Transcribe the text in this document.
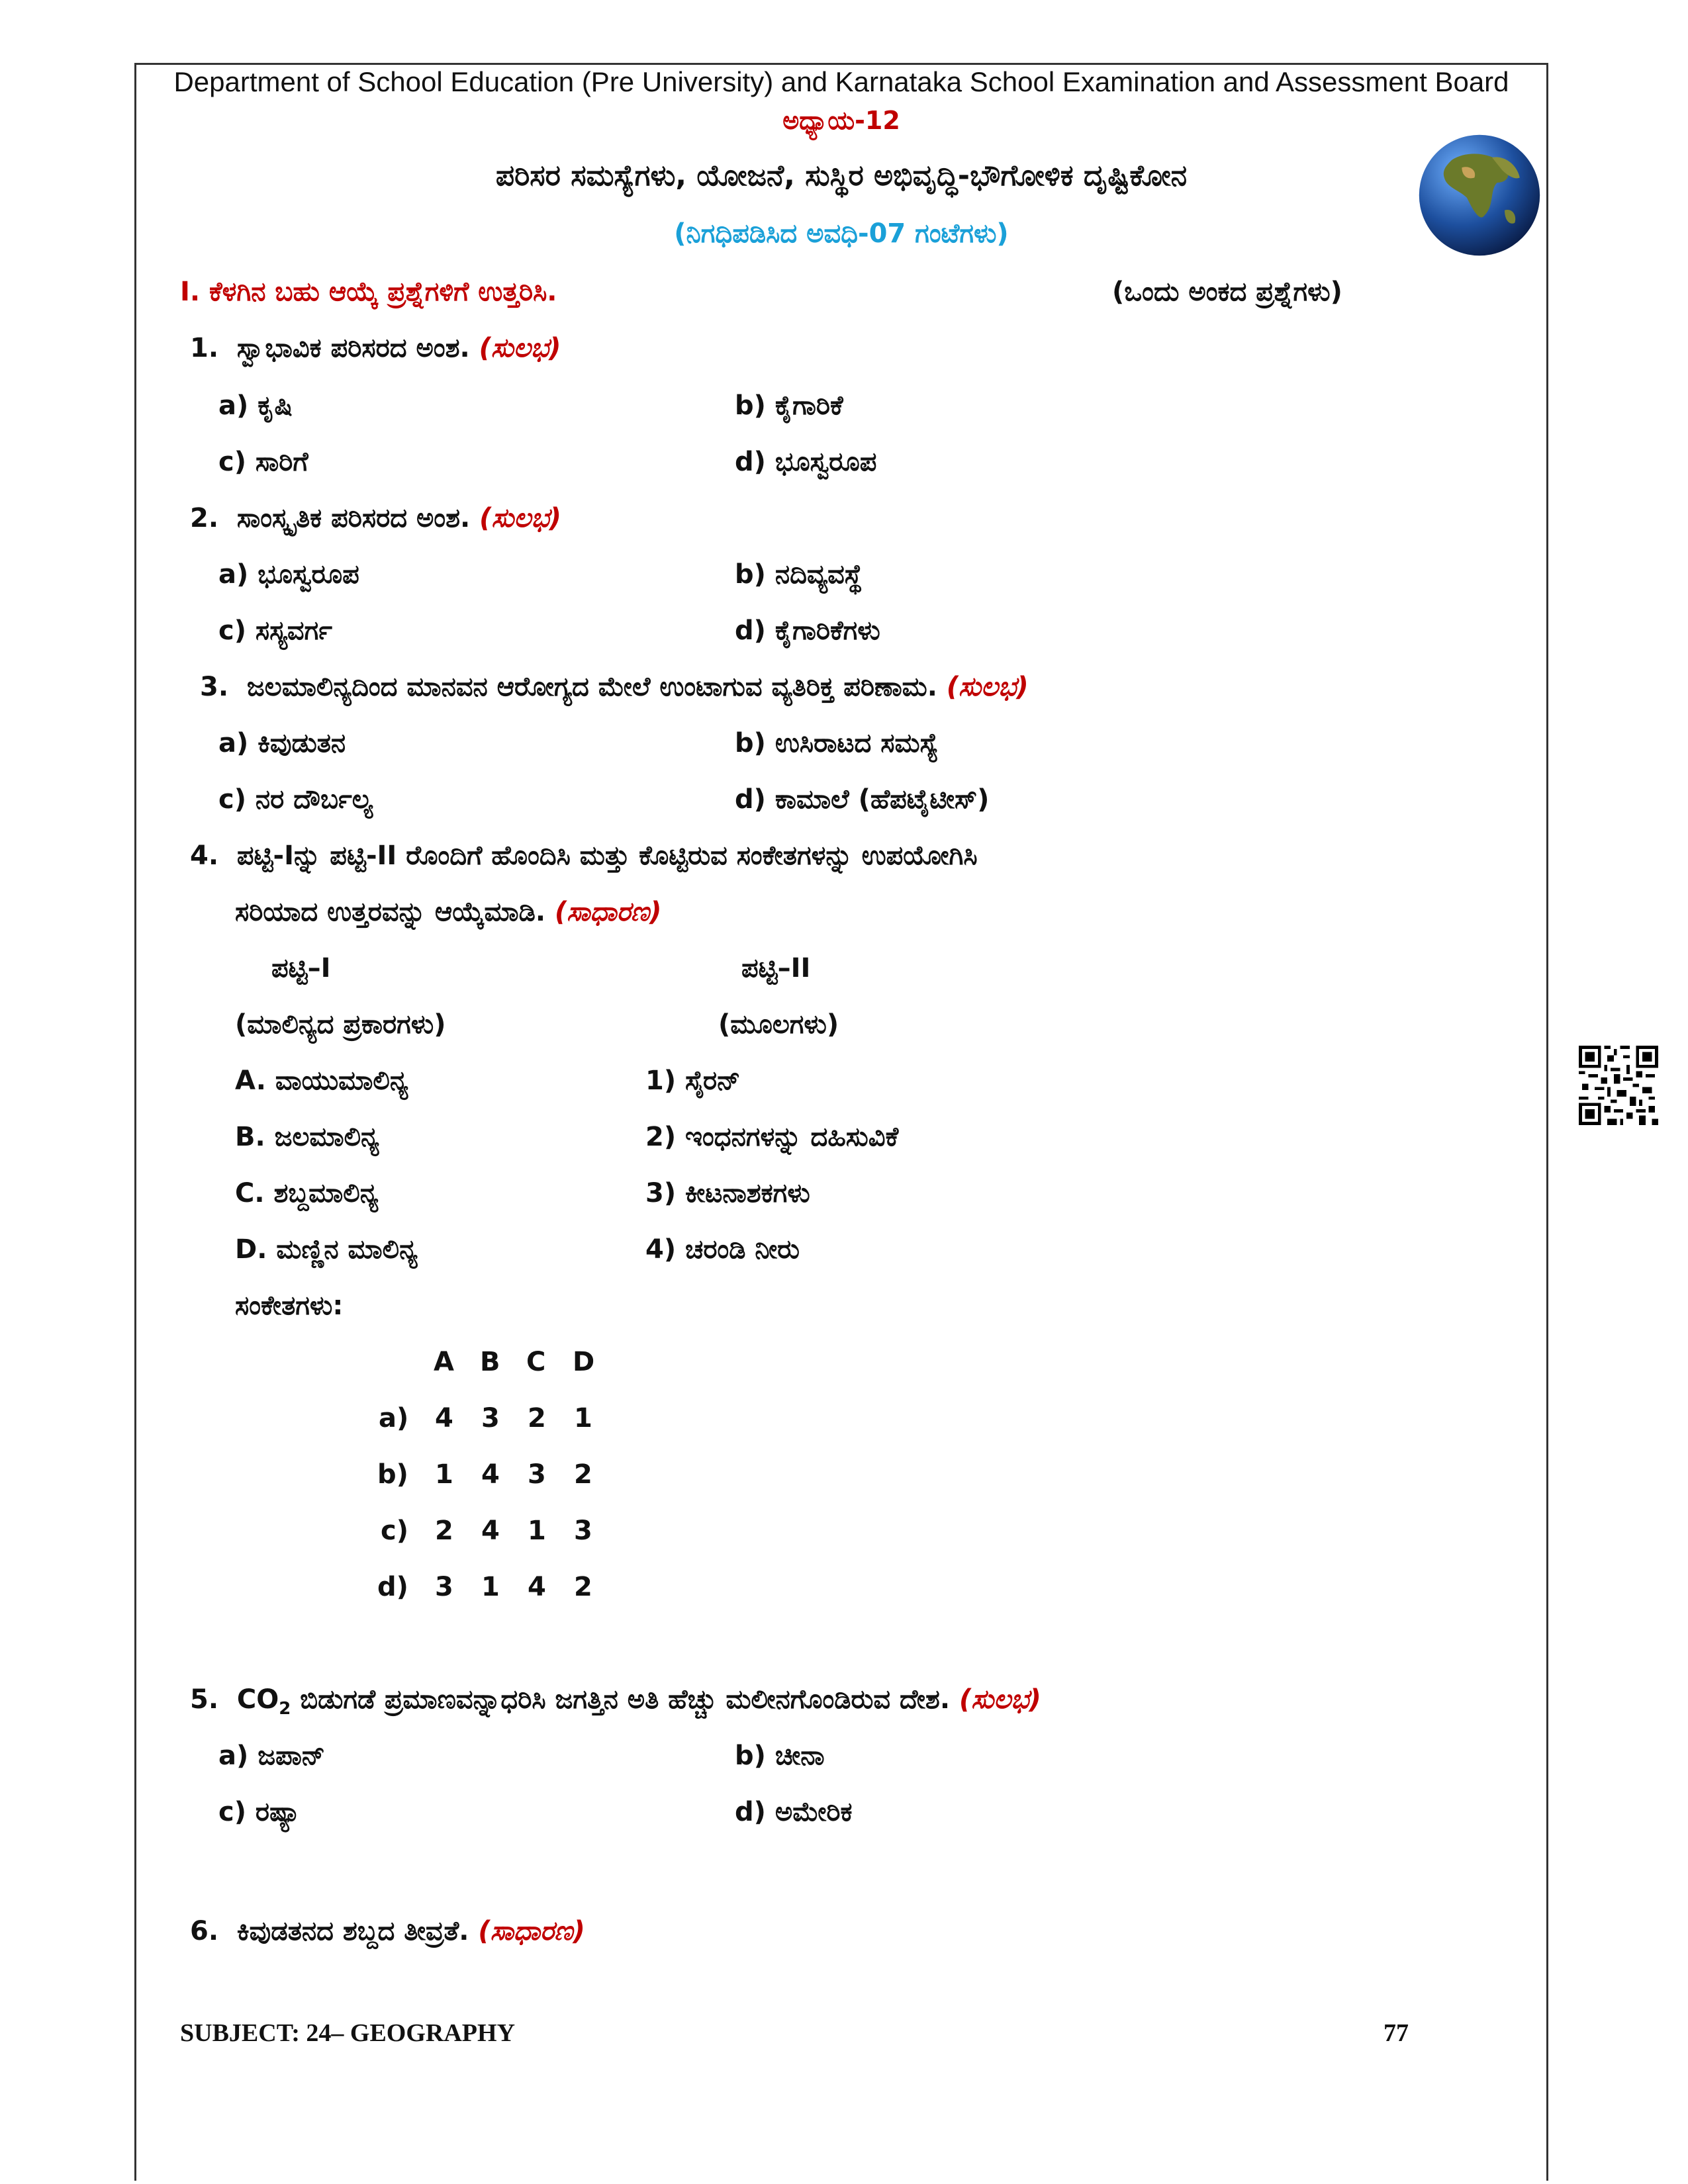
Department of School Education (Pre University) and Karnataka School Examination and Assessment Board
ಅಧ್ಯಾಯ-12
ಪರಿಸರ ಸಮಸ್ಯೆಗಳು, ಯೋಜನೆ, ಸುಸ್ಥಿರ ಅಭಿವೃದ್ಧಿ-ಭೌಗೋಳಿಕ ದೃಷ್ಟಿಕೋನ
(ನಿಗಧಿಪಡಿಸಿದ ಅವಧಿ-07 ಗಂಟೆಗಳು)
I. ಕೆಳಗಿನ ಬಹು ಆಯ್ಕೆ ಪ್ರಶ್ನೆಗಳಿಗೆ ಉತ್ತರಿಸಿ.	(ಒಂದು ಅಂಕದ ಪ್ರಶ್ನೆಗಳು)
1. ಸ್ವಾಭಾವಿಕ ಪರಿಸರದ ಅಂಶ. (ಸುಲಭ)
a) ಕೃಷಿ	b) ಕೈಗಾರಿಕೆ
c) ಸಾರಿಗೆ	d) ಭೂಸ್ವರೂಪ
2. ಸಾಂಸ್ಕೃತಿಕ ಪರಿಸರದ ಅಂಶ. (ಸುಲಭ)
a) ಭೂಸ್ವರೂಪ	b) ನದಿವ್ಯವಸ್ಥೆ
c) ಸಸ್ಯವರ್ಗ	d) ಕೈಗಾರಿಕೆಗಳು
3. ಜಲಮಾಲಿನ್ಯದಿಂದ ಮಾನವನ ಆರೋಗ್ಯದ ಮೇಲೆ ಉಂಟಾಗುವ ವ್ಯತಿರಿಕ್ತ ಪರಿಣಾಮ. (ಸುಲಭ)
a) ಕಿವುಡುತನ	b) ಉಸಿರಾಟದ ಸಮಸ್ಯೆ
c) ನರ ದೌರ್ಬಲ್ಯ	d) ಕಾಮಾಲೆ (ಹೆಪಟೈಟೀಸ್)
4. ಪಟ್ಟಿ-Iನ್ನು ಪಟ್ಟಿ-II ರೊಂದಿಗೆ ಹೊಂದಿಸಿ ಮತ್ತು ಕೊಟ್ಟಿರುವ ಸಂಕೇತಗಳನ್ನು ಉಪಯೋಗಿಸಿ
ಸರಿಯಾದ ಉತ್ತರವನ್ನು ಆಯ್ಕೆಮಾಡಿ. (ಸಾಧಾರಣ)
ಪಟ್ಟಿ–I	ಪಟ್ಟಿ–II
(ಮಾಲಿನ್ಯದ ಪ್ರಕಾರಗಳು)	(ಮೂಲಗಳು)
A. ವಾಯುಮಾಲಿನ್ಯ	1) ಸೈರನ್
B. ಜಲಮಾಲಿನ್ಯ	2) ಇಂಧನಗಳನ್ನು ದಹಿಸುವಿಕೆ
C. ಶಬ್ದಮಾಲಿನ್ಯ	3) ಕೀಟನಾಶಕಗಳು
D. ಮಣ್ಣಿನ ಮಾಲಿನ್ಯ	4) ಚರಂಡಿ ನೀರು
ಸಂಕೇತಗಳು:
A B C D
a) 4 3 2 1
b) 1 4 3 2
c) 2 4 1 3
d) 3 1 4 2
5. $CO_2$ ಬಿಡುಗಡೆ ಪ್ರಮಾಣವನ್ನಾಧರಿಸಿ ಜಗತ್ತಿನ ಅತಿ ಹೆಚ್ಚು ಮಲೀನಗೊಂಡಿರುವ ದೇಶ. (ಸುಲಭ)
a) ಜಪಾನ್	b) ಚೀನಾ
c) ರಷ್ಯಾ	d) ಅಮೇರಿಕ
6. ಕಿವುಡತನದ ಶಬ್ದದ ತೀವ್ರತೆ. (ಸಾಧಾರಣ)
SUBJECT: 24– GEOGRAPHY	77
